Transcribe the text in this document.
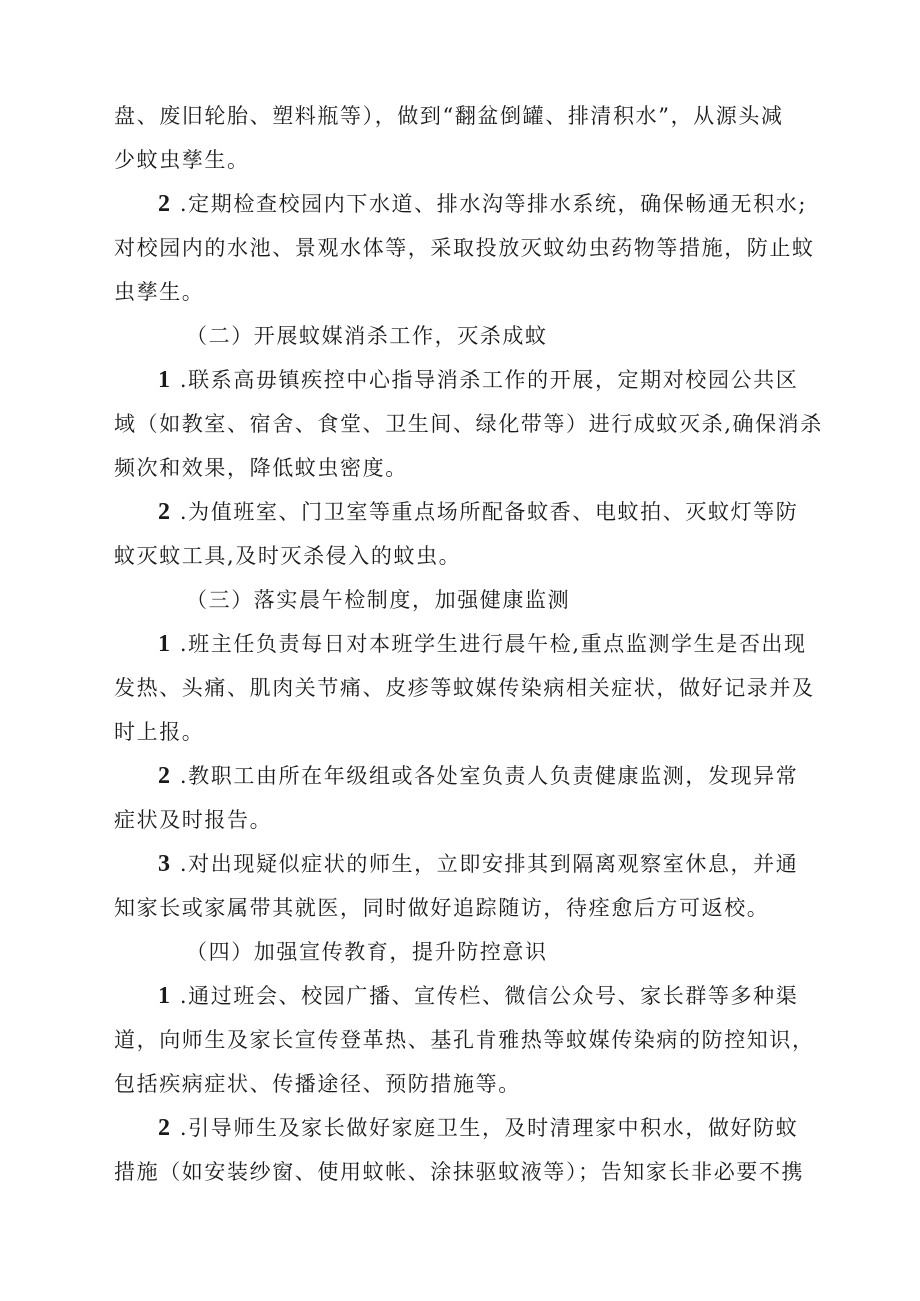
盘、废旧轮胎、塑料瓶等），做到“翻盆倒罐、排清积水”，从源头减
少蚊虫孳生。
2 .定期检查校园内下水道、排水沟等排水系统，确保畅通无积水;
对校园内的水池、景观水体等，采取投放灭蚊幼虫药物等措施，防止蚊
虫孳生。
（二）开展蚊媒消杀工作，灭杀成蚊
1 .联系高毋镇疾控中心指导消杀工作的开展，定期对校园公共区
域（如教室、宿舍、食堂、卫生间、绿化带等）进行成蚊灭杀,确保消杀
频次和效果，降低蚊虫密度。
2 .为值班室、门卫室等重点场所配备蚊香、电蚊拍、灭蚊灯等防
蚊灭蚊工具,及时灭杀侵入的蚊虫。
（三）落实晨午检制度，加强健康监测
1 .班主任负责每日对本班学生进行晨午检,重点监测学生是否出现
发热、头痛、肌肉关节痛、皮疹等蚊媒传染病相关症状，做好记录并及
时上报。
2 .教职工由所在年级组或各处室负责人负责健康监测，发现异常
症状及时报告。
3 .对出现疑似症状的师生，立即安排其到隔离观察室休息，并通
知家长或家属带其就医，同时做好追踪随访，待痊愈后方可返校。
（四）加强宣传教育，提升防控意识
1 .通过班会、校园广播、宣传栏、微信公众号、家长群等多种渠
道，向师生及家长宣传登革热、基孔肯雅热等蚊媒传染病的防控知识，
包括疾病症状、传播途径、预防措施等。
2 .引导师生及家长做好家庭卫生，及时清理家中积水，做好防蚊
措施（如安装纱窗、使用蚊帐、涂抹驱蚊液等）；告知家长非必要不携
